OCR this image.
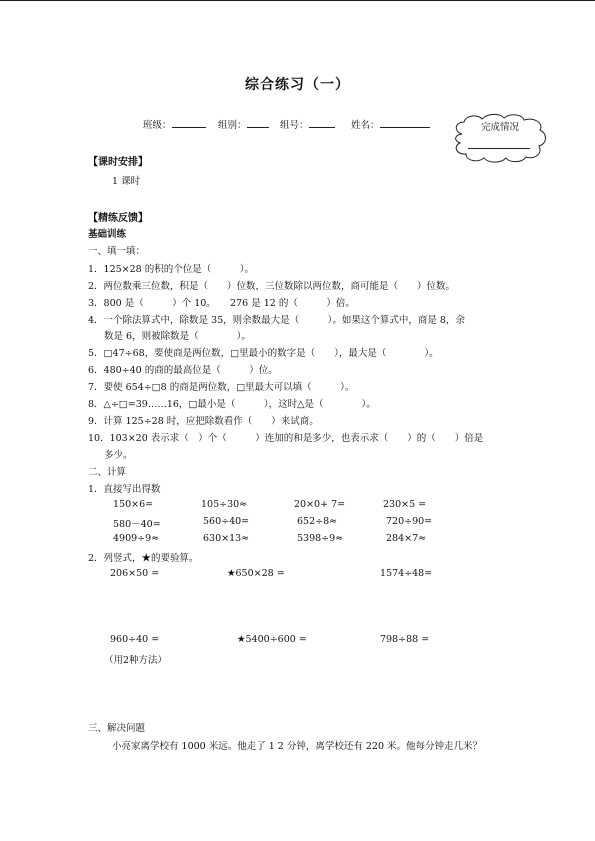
综合练习（一）
班级：	组别：	组号：	姓名：	完成情况
【课时安排】
1 课时
【精练反馈】
基础训练
一、填一填：
1．125×28 的积的个位是（　　　）。
2．两位数乘三位数，积是（　　）位数，三位数除以两位数，商可能是（　　）位数。
3．800 是（　　　）个 10。　　276 是 12 的（　　　）倍。
4．一个除法算式中，除数是 35，则余数最大是（　　　）。如果这个算式中，商是 8，余
数是 6，则被除数是（　　　　）。
5．□47÷68，要使商是两位数，□里最小的数字是（　　），最大是（　　　　）。
6．480÷40 的商的最高位是（　　　）位。
7．要使 654÷□8 的商是两位数，□里最大可以填（　　　）。
8．△÷□=39……16，□最小是（　　　），这时△是（　　　　）。
9．计算 125÷28 时，应把除数看作（　　）来试商。
10．103×20 表示求（　）个（　　　）连加的和是多少，也表示求（　　）的（　　）倍是
多少。
二、计算
1．直接写出得数
150×6=	105÷30≈	20×0+ 7=	230×5 =
580－40=	560÷40=	652÷8≈	720÷90=
4909÷9≈	630×13≈	5398÷9≈	284×7≈
2．列竖式，★的要验算。
206×50 =	★650×28 =	1574÷48=
960÷40 =	★5400÷600 =	798÷88 =
（用2种方法）
三、解决问题
小亮家离学校有 1000 米远。他走了 1 2 分钟，离学校还有 220 米。他每分钟走几米？
